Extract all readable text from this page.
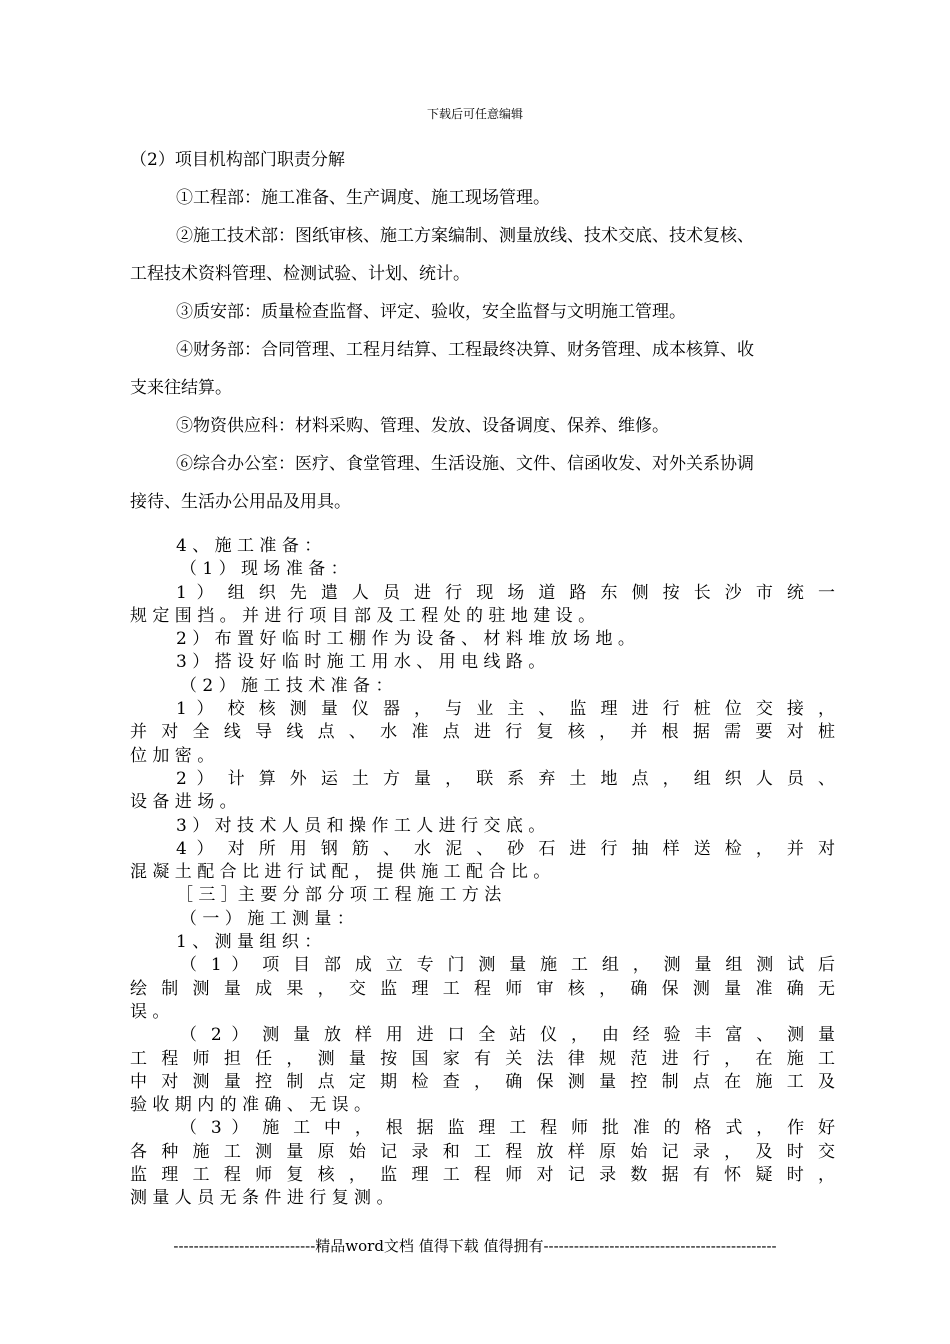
下载后可任意编辑

（2）项目机构部门职责分解

①工程部：施工准备、生产调度、施工现场管理。

②施工技术部：图纸审核、施工方案编制、测量放线、技术交底、技术复核、

工程技术资料管理、检测试验、计划、统计。

③质安部：质量检查监督、评定、验收，安全监督与文明施工管理。

④财务部：合同管理、工程月结算、工程最终决算、财务管理、成本核算、收

支来往结算。

⑤物资供应科：材料采购、管理、发放、设备调度、保养、维修。

⑥综合办公室：医疗、食堂管理、生活设施、文件、信函收发、对外关系协调

接待、生活办公用品及用具。

4 、 施 工 准 备 ：
（ 1 ） 现 场 准 备 ：
1 ） 组 织 先 遣 人 员 进 行 现 场 道 路 东 侧 按 长 沙 市 统 一
规 定 围 挡 。 并 进 行 项 目 部 及 工 程 处 的 驻 地 建 设 。
2 ） 布 置 好 临 时 工 棚 作 为 设 备 、 材 料 堆 放 场 地 。
3 ） 搭 设 好 临 时 施 工 用 水 、 用 电 线 路 。
（ 2 ） 施 工 技 术 准 备 ：
1 ） 校 核 测 量 仪 器 ， 与 业 主 、 监 理 进 行 桩 位 交 接 ，
并 对 全 线 导 线 点 、 水 准 点 进 行 复 核 ， 并 根 据 需 要 对 桩
位 加 密 。
2 ） 计 算 外 运 土 方 量 ， 联 系 弃 土 地 点 ， 组 织 人 员 、
设 备 进 场 。
3 ） 对 技 术 人 员 和 操 作 工 人 进 行 交 底 。
4 ） 对 所 用 钢 筋 、 水 泥 、 砂 石 进 行 抽 样 送 检 ， 并 对
混 凝 土 配 合 比 进 行 试 配 ， 提 供 施 工 配 合 比 。
［ 三 ］主 要 分 部 分 项 工 程 施 工 方 法
（ 一 ） 施 工 测 量 ：
1 、 测 量 组 织 ：
（ 1 ） 项 目 部 成 立 专 门 测 量 施 工 组 ， 测 量 组 测 试 后
绘 制 测 量 成 果 ， 交 监 理 工 程 师 审 核 ， 确 保 测 量 准 确 无
误 。
（ 2 ） 测 量 放 样 用 进 口 全 站 仪 ， 由 经 验 丰 富 、 测 量
工 程 师 担 任 ， 测 量 按 国 家 有 关 法 律 规 范 进 行 ， 在 施 工
中 对 测 量 控 制 点 定 期 检 查 ， 确 保 测 量 控 制 点 在 施 工 及
验 收 期 内 的 准 确 、 无 误 。
（ 3 ） 施 工 中 ， 根 据 监 理 工 程 师 批 准 的 格 式 ， 作 好
各 种 施 工 测 量 原 始 记 录 和 工 程 放 样 原 始 记 录 ， 及 时 交
监 理 工 程 师 复 核 ， 监 理 工 程 师 对 记 录 数 据 有 怀 疑 时 ，
测 量 人 员 无 条 件 进 行 复 测 。
----------------------------精品word文档 值得下载 值得拥有----------------------------------------------
